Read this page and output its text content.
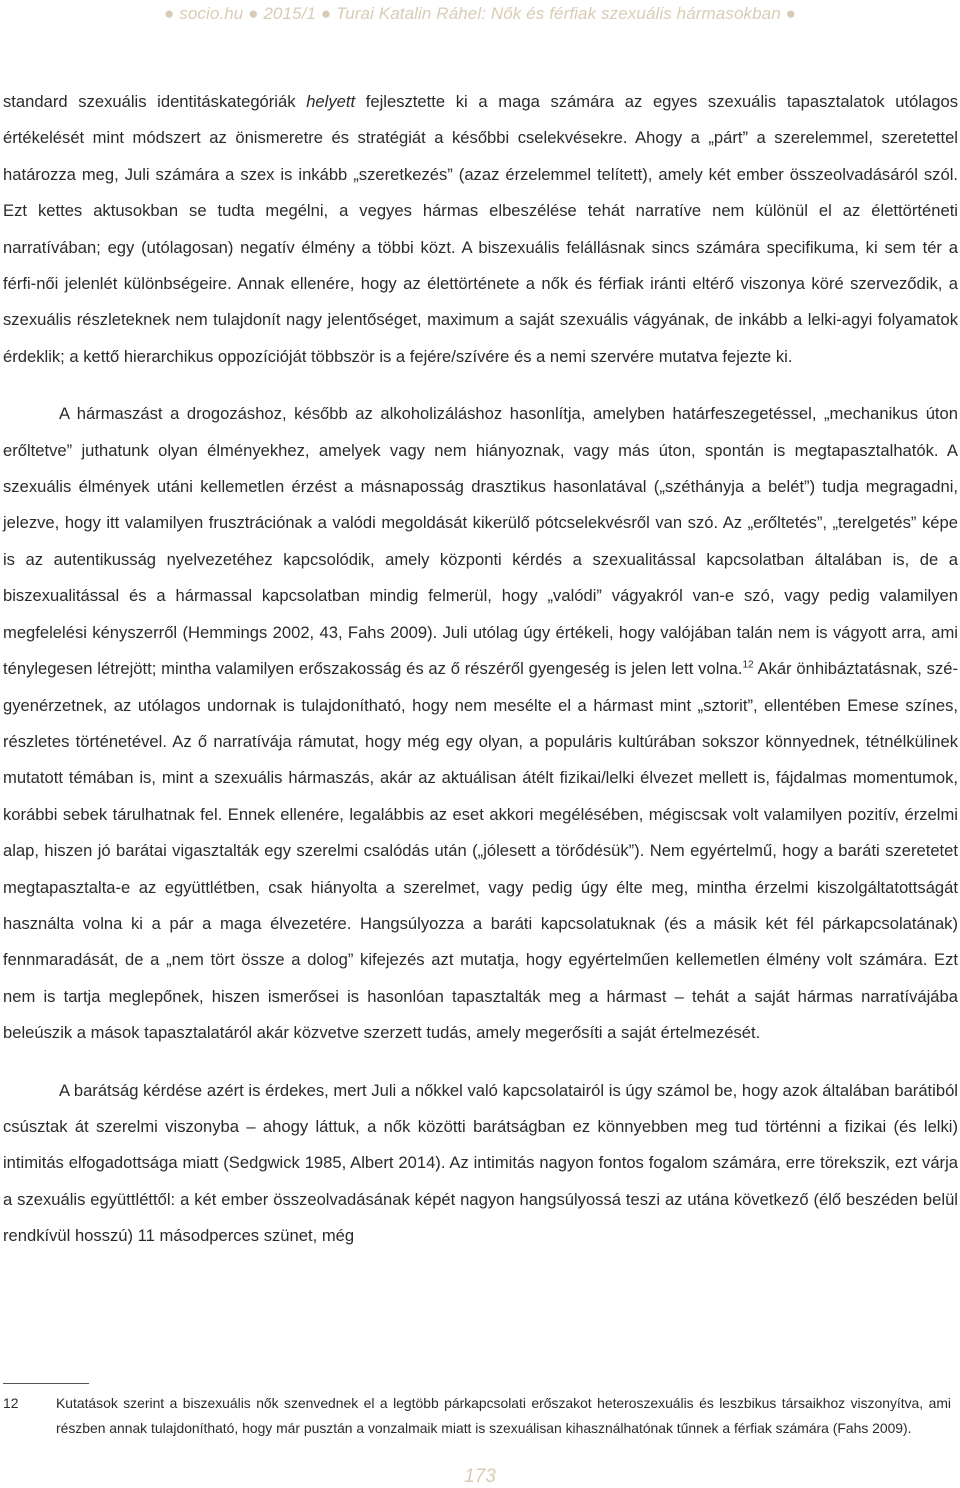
● socio.hu ● 2015/1 ● Turai Katalin Ráhel: Nők és férfiak szexuális hármasokban ●

standard szexuális identitáskategóriák helyett fejlesztette ki a maga számára az egyes szexuális tapasztalatok utólagos értékelését mint módszert az önismeretre és stratégiát a későbbi cselekvésekre. Ahogy a „párt” a szerelemmel, szeretettel határozza meg, Juli számára a szex is inkább „szeretkezés” (azaz érzelemmel telített), amely két ember összeolvadásáról szól. Ezt kettes aktusokban se tudta megélni, a vegyes hármas elbeszélése tehát narratíve nem különül el az élettörténeti narratívában; egy (utólagosan) negatív élmény a többi közt. A biszexuális felállásnak sincs számára specifikuma, ki sem tér a férfi-női jelenlét különbségeire. Annak ellenére, hogy az élettörténete a nők és férfiak iránti eltérő viszonya köré szerveződik, a szexuális részleteknek nem tulajdonít nagy jelentőséget, maximum a saját szexuális vágyának, de inkább a lelki-agyi folyamatok érdeklik; a kettő hierarchikus oppozícióját többször is a fejére/szívére és a nemi szervére mutatva fejezte ki.

A hármaszást a drogozáshoz, később az alkoholizáláshoz hasonlítja, amelyben határfeszegetéssel, „mechanikus úton erőltetve” juthatunk olyan élményekhez, amelyek vagy nem hiányoznak, vagy más úton, spontán is megtapasztalhatók. A szexuális élmények utáni kellemetlen érzést a másnaposság drasztikus hasonlatával („széthányja a belét”) tudja megragadni, jelezve, hogy itt valamilyen frusztrációnak a valódi megoldását kikerülő pótcselekvésről van szó. Az „erőltetés”, „terelgetés” képe is az autentikusság nyelvezetéhez kapcsolódik, amely központi kérdés a szexualitással kapcsolatban általában is, de a biszexualitással és a hármassal kapcsolatban mindig felmerül, hogy „valódi” vágyakról van-e szó, vagy pedig valamilyen megfelelési kényszerről (Hemmings 2002, 43, Fahs 2009). Juli utólag úgy értékeli, hogy valójában talán nem is vágyott arra, ami ténylegesen létrejött; mintha valamilyen erőszakosság és az ő részéről gyengeség is jelen lett volna.$^{12}$ Akár önhibáztatásnak, szégyenérzetnek, az utólagos undornak is tulajdonítható, hogy nem mesélte el a hármast mint „sztorit”, ellentében Emese színes, részletes történetével. Az ő narratívája rámutat, hogy még egy olyan, a populáris kultúrában sokszor könnyednek, tétnélkülinek mutatott témában is, mint a szexuális hármaszás, akár az aktuálisan átélt fizikai/lelki élvezet mellett is, fájdalmas momentumok, korábbi sebek tárulhatnak fel. Ennek ellenére, legalábbis az eset akkori megélésében, mégiscsak volt valamilyen pozitív, érzelmi alap, hiszen jó barátai vigasztalták egy szerelmi csalódás után („jólesett a törődésük”). Nem egyértelmű, hogy a baráti szeretetet megtapasztalta-e az együttlétben, csak hiányolta a szerelmet, vagy pedig úgy élte meg, mintha érzelmi kiszolgáltatottságát használta volna ki a pár a maga élvezetére. Hangsúlyozza a baráti kapcsolatuknak (és a másik két fél párkapcsolatának) fennmaradását, de a „nem tört össze a dolog” kifejezés azt mutatja, hogy egyértelműen kellemetlen élmény volt számára. Ezt nem is tartja meglepőnek, hiszen ismerősei is hasonlóan tapasztalták meg a hármast – tehát a saját hármas narratívájába beleúszik a mások tapasztalatáról akár közvetve szerzett tudás, amely megerősíti a saját értelmezését.

A barátság kérdése azért is érdekes, mert Juli a nőkkel való kapcsolatairól is úgy számol be, hogy azok általában barátiból csúsztak át szerelmi viszonyba – ahogy láttuk, a nők közötti barátságban ez könnyebben meg tud történni a fizikai (és lelki) intimitás elfogadottsága miatt (Sedgwick 1985, Albert 2014). Az intimitás nagyon fontos fogalom számára, erre törekszik, ezt várja a szexuális együttléttől: a két ember összeolvadásának képét nagyon hangsúlyossá teszi az utána következő (élő beszéden belül rendkívül hosszú) 11 másodperces szünet, még

12	Kutatások szerint a biszexuális nők szenvednek el a legtöbb párkapcsolati erőszakot heteroszexuális és leszbikus társaikhoz viszonyítva, ami részben annak tulajdonítható, hogy már pusztán a vonzalmaik miatt is szexuálisan kihasználhatónak tűnnek a férfiak számára (Fahs 2009).
173
